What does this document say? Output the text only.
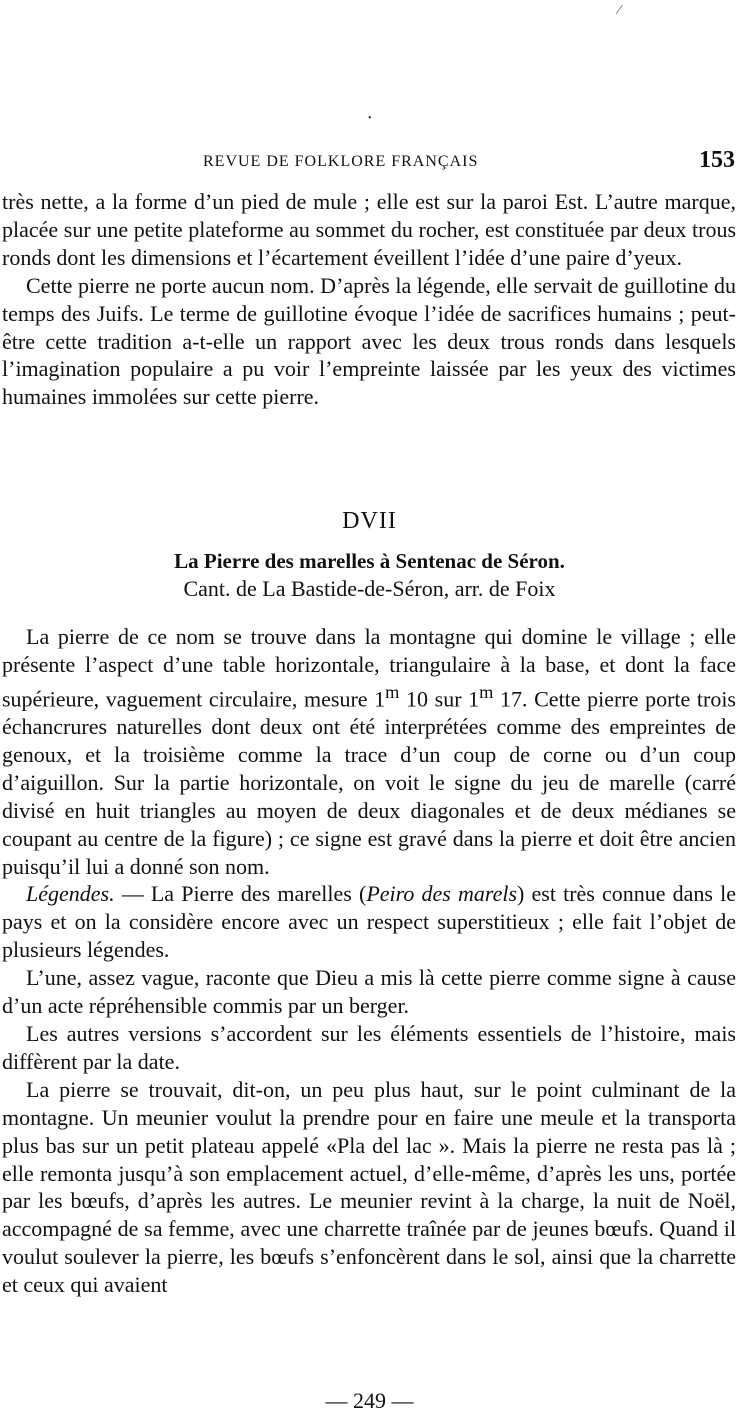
⁄
•
REVUE DE FOLKLORE FRANÇAIS	153

très nette, a la forme d’un pied de mule ; elle est sur la paroi Est. L’autre marque, placée sur une petite plateforme au sommet du rocher, est constituée par deux trous ronds dont les dimensions et l’écartement éveillent l’idée d’une paire d’yeux.

Cette pierre ne porte aucun nom. D’après la légende, elle servait de guillotine du temps des Juifs. Le terme de guillotine évoque l’idée de sacrifices humains ; peut-être cette tradition a-t-elle un rapport avec les deux trous ronds dans lesquels l’imagination populaire a pu voir l’empreinte laissée par les yeux des victimes humaines immolées sur cette pierre.

DVII
La Pierre des marelles à Sentenac de Séron.
Cant. de La Bastide-de-Séron, arr. de Foix

La pierre de ce nom se trouve dans la montagne qui domine le village ; elle présente l’aspect d’une table horizontale, triangulaire à la base, et dont la face supérieure, vaguement circulaire, mesure 1$^m$ 10 sur 1$^m$ 17. Cette pierre porte trois échancrures naturelles dont deux ont été interprétées comme des empreintes de genoux, et la troisième comme la trace d’un coup de corne ou d’un coup d’aiguillon. Sur la partie horizontale, on voit le signe du jeu de marelle (carré divisé en huit triangles au moyen de deux diagonales et de deux médianes se coupant au centre de la figure) ; ce signe est gravé dans la pierre et doit être ancien puisqu’il lui a donné son nom.

Légendes. — La Pierre des marelles (Peiro des marels) est très connue dans le pays et on la considère encore avec un respect superstitieux ; elle fait l’objet de plusieurs légendes.

L’une, assez vague, raconte que Dieu a mis là cette pierre comme signe à cause d’un acte répréhensible commis par un berger.

Les autres versions s’accordent sur les éléments essentiels de l’histoire, mais diffèrent par la date.

La pierre se trouvait, dit-on, un peu plus haut, sur le point culminant de la montagne. Un meunier voulut la prendre pour en faire une meule et la transporta plus bas sur un petit plateau appelé «Pla del lac ». Mais la pierre ne resta pas là ; elle remonta jusqu’à son emplacement actuel, d’elle-même, d’après les uns, portée par les bœufs, d’après les autres. Le meunier revint à la charge, la nuit de Noël, accompagné de sa femme, avec une charrette traînée par de jeunes bœufs. Quand il voulut soulever la pierre, les bœufs s’enfoncèrent dans le sol, ainsi que la charrette et ceux qui avaient

— 249 —
